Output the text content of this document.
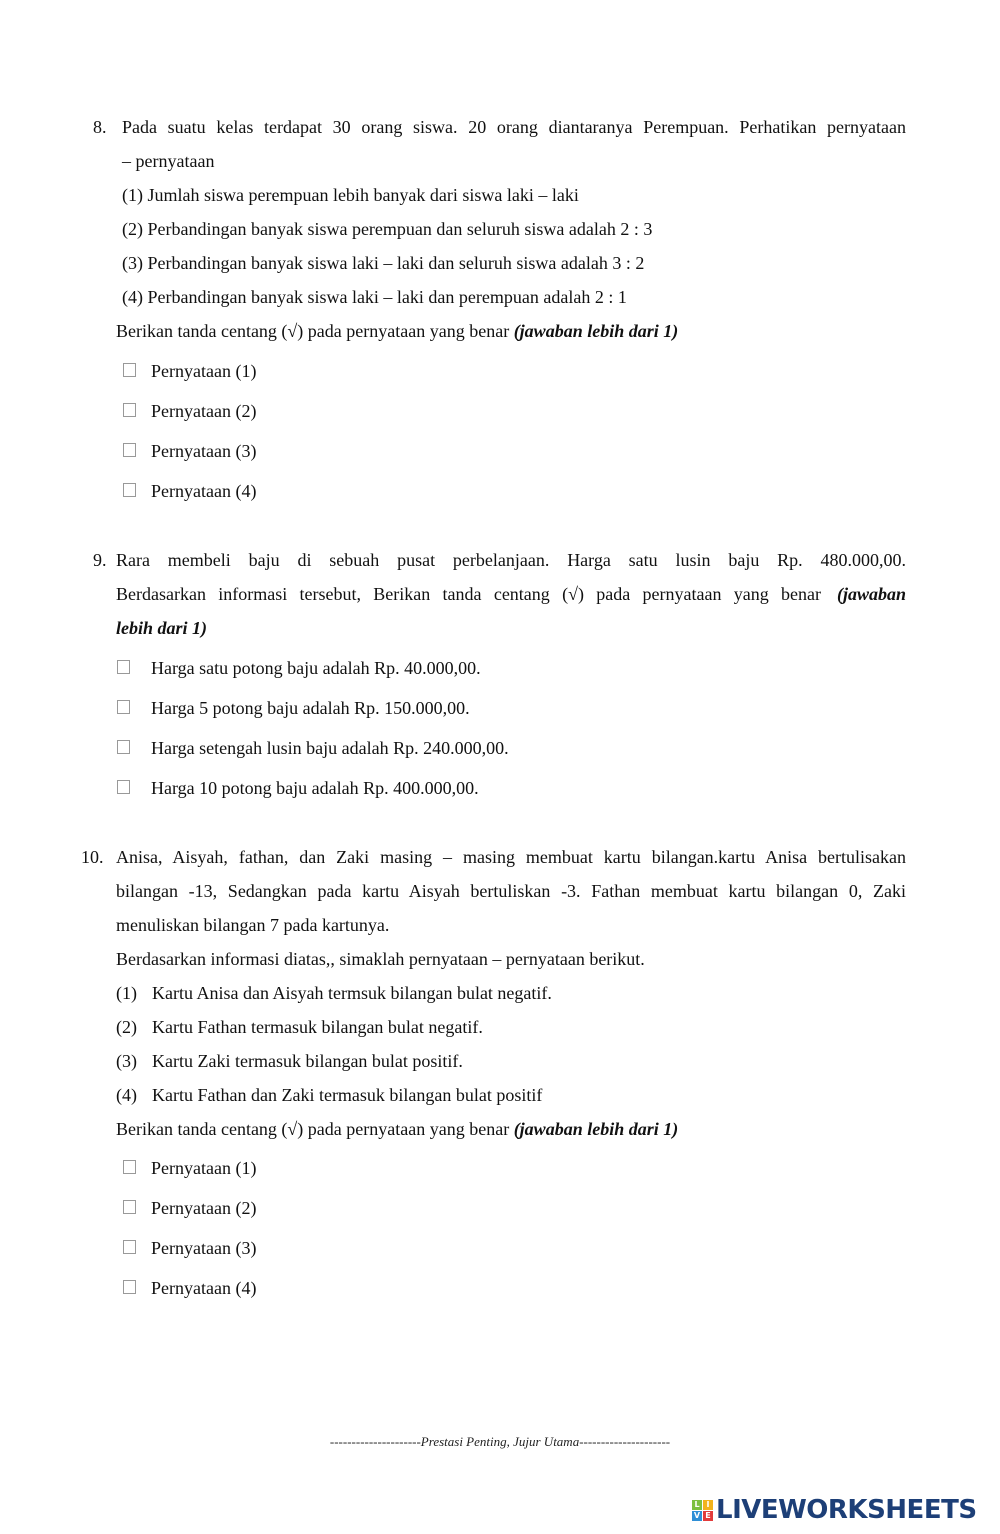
8. Pada suatu kelas terdapat 30 orang siswa. 20 orang diantaranya Perempuan. Perhatikan pernyataan
– pernyataan
(1) Jumlah siswa perempuan lebih banyak dari siswa laki – laki
(2) Perbandingan banyak siswa perempuan dan seluruh siswa adalah 2 : 3
(3) Perbandingan banyak siswa laki – laki dan seluruh siswa adalah 3 : 2
(4) Perbandingan banyak siswa laki – laki dan perempuan adalah 2 : 1
Berikan tanda centang (√) pada pernyataan yang benar (jawaban lebih dari 1)
Pernyataan (1)
Pernyataan (2)
Pernyataan (3)
Pernyataan (4)
9. Rara membeli baju di sebuah pusat perbelanjaan. Harga satu lusin baju Rp. 480.000,00.
Berdasarkan informasi tersebut, Berikan tanda centang (√) pada pernyataan yang benar (jawaban
lebih dari 1)
Harga satu potong baju adalah Rp. 40.000,00.
Harga 5 potong baju adalah Rp. 150.000,00.
Harga setengah lusin baju adalah Rp. 240.000,00.
Harga 10 potong baju adalah Rp. 400.000,00.
10. Anisa, Aisyah, fathan, dan Zaki masing – masing membuat kartu bilangan.kartu Anisa bertulisakan
bilangan -13, Sedangkan pada kartu Aisyah bertuliskan -3. Fathan membuat kartu bilangan 0, Zaki
menuliskan bilangan 7 pada kartunya.
Berdasarkan informasi diatas,, simaklah pernyataan – pernyataan berikut.
(1) Kartu Anisa dan Aisyah termsuk bilangan bulat negatif.
(2) Kartu Fathan termasuk bilangan bulat negatif.
(3) Kartu Zaki termasuk bilangan bulat positif.
(4) Kartu Fathan dan Zaki termasuk bilangan bulat positif
Berikan tanda centang (√) pada pernyataan yang benar (jawaban lebih dari 1)
Pernyataan (1)
Pernyataan (2)
Pernyataan (3)
Pernyataan (4)
---------------------Prestasi Penting, Jujur Utama---------------------
L I
V E LIVEWORKSHEETS
